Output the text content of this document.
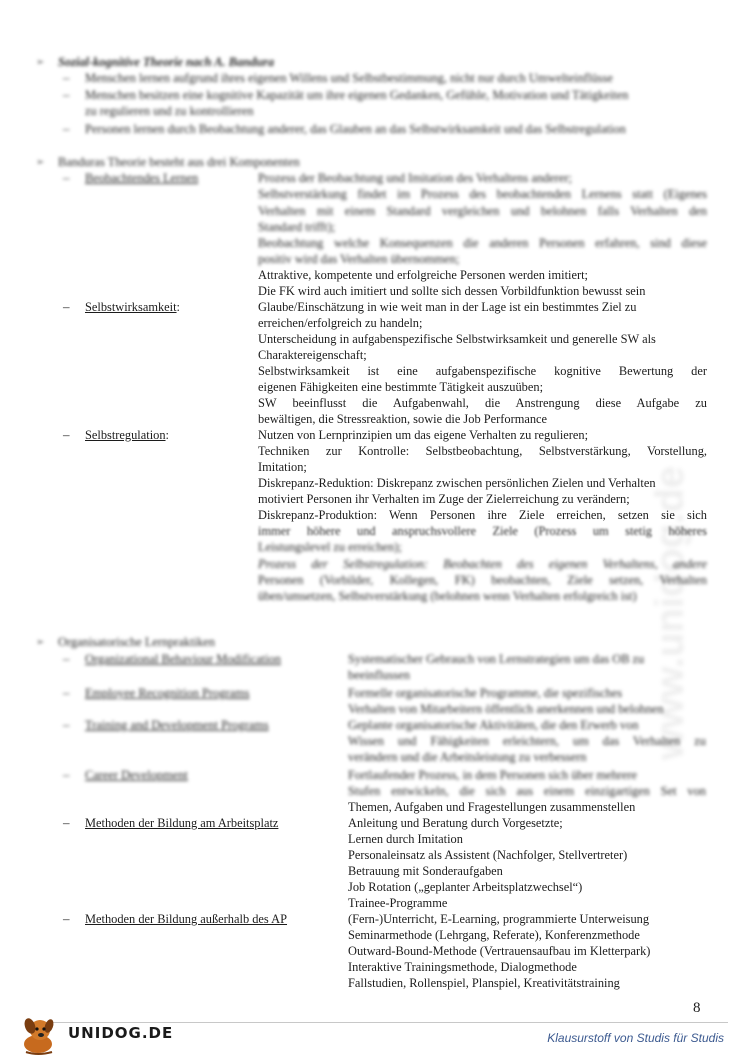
www.unidog.de
➢ Sozial-kognitive Theorie nach A. Bandura
– Menschen lernen aufgrund ihres eigenen Willens und Selbstbestimmung, nicht nur durch Umwelteinflüsse
– Menschen besitzen eine kognitive Kapazität um ihre eigenen Gedanken, Gefühle, Motivation und Tätigkeiten
zu regulieren und zu kontrollieren
– Personen lernen durch Beobachtung anderer, das Glauben an das Selbstwirksamkeit und das Selbstregulation
➢ Banduras Theorie besteht aus drei Komponenten
– Beobachtendes Lernen	Prozess der Beobachtung und Imitation des Verhaltens anderer;
Selbstverstärkung findet im Prozess des beobachtenden Lernens statt (Eigenes
Verhalten mit einem Standard vergleichen und belohnen falls Verhalten den
Standard trifft);
Beobachtung welche Konsequenzen die anderen Personen erfahren, sind diese
positiv wird das Verhalten übernommen;
Attraktive, kompetente und erfolgreiche Personen werden imitiert;
Die FK wird auch imitiert und sollte sich dessen Vorbildfunktion bewusst sein
– Selbstwirksamkeit:	Glaube/Einschätzung in wie weit man in der Lage ist ein bestimmtes Ziel zu
erreichen/erfolgreich zu handeln;
Unterscheidung in aufgabenspezifische Selbstwirksamkeit und generelle SW als
Charaktereigenschaft;
Selbstwirksamkeit ist eine aufgabenspezifische kognitive Bewertung der
eigenen Fähigkeiten eine bestimmte Tätigkeit auszuüben;
SW beeinflusst die Aufgabenwahl, die Anstrengung diese Aufgabe zu
bewältigen, die Stressreaktion, sowie die Job Performance
– Selbstregulation:	Nutzen von Lernprinzipien um das eigene Verhalten zu regulieren;
Techniken zur Kontrolle: Selbstbeobachtung, Selbstverstärkung, Vorstellung,
Imitation;
Diskrepanz-Reduktion: Diskrepanz zwischen persönlichen Zielen und Verhalten
motiviert Personen ihr Verhalten im Zuge der Zielerreichung zu verändern;
Diskrepanz-Produktion: Wenn Personen ihre Ziele erreichen, setzen sie sich
immer höhere und anspruchsvollere Ziele (Prozess um stetig höheres
Leistungslevel zu erreichen);
Prozess der Selbstregulation: Beobachten des eigenen Verhaltens, andere
Personen (Vorbilder, Kollegen, FK) beobachten, Ziele setzen, Verhalten
üben/umsetzen, Selbstverstärkung (belohnen wenn Verhalten erfolgreich ist)
➢ Organisatorische Lernpraktiken
– Organizational Behaviour Modification	Systematischer Gebrauch von Lernstrategien um das OB zu
beeinflussen
– Employee Recognition Programs	Formelle organisatorische Programme, die spezifisches
Verhalten von Mitarbeitern öffentlich anerkennen und belohnen
– Training and Development Programs	Geplante organisatorische Aktivitäten, die den Erwerb von
Wissen und Fähigkeiten erleichtern, um das Verhalten zu
verändern und die Arbeitsleistung zu verbessern
– Career Development	Fortlaufender Prozess, in dem Personen sich über mehrere
Stufen entwickeln, die sich aus einem einzigartigen Set von
Themen, Aufgaben und Fragestellungen zusammenstellen
– Methoden der Bildung am Arbeitsplatz	Anleitung und Beratung durch Vorgesetzte;
Lernen durch Imitation
Personaleinsatz als Assistent (Nachfolger, Stellvertreter)
Betrauung mit Sonderaufgaben
Job Rotation („geplanter Arbeitsplatzwechsel“)
Trainee-Programme
– Methoden der Bildung außerhalb des AP	(Fern-)Unterricht, E-Learning, programmierte Unterweisung
Seminarmethode (Lehrgang, Referate), Konferenzmethode
Outward-Bound-Methode (Vertrauensaufbau im Kletterpark)
Interaktive Trainingsmethode, Dialogmethode
Fallstudien, Rollenspiel, Planspiel, Kreativitätstraining
8
UNIDOG.DE	Klausurstoff von Studis für Studis
